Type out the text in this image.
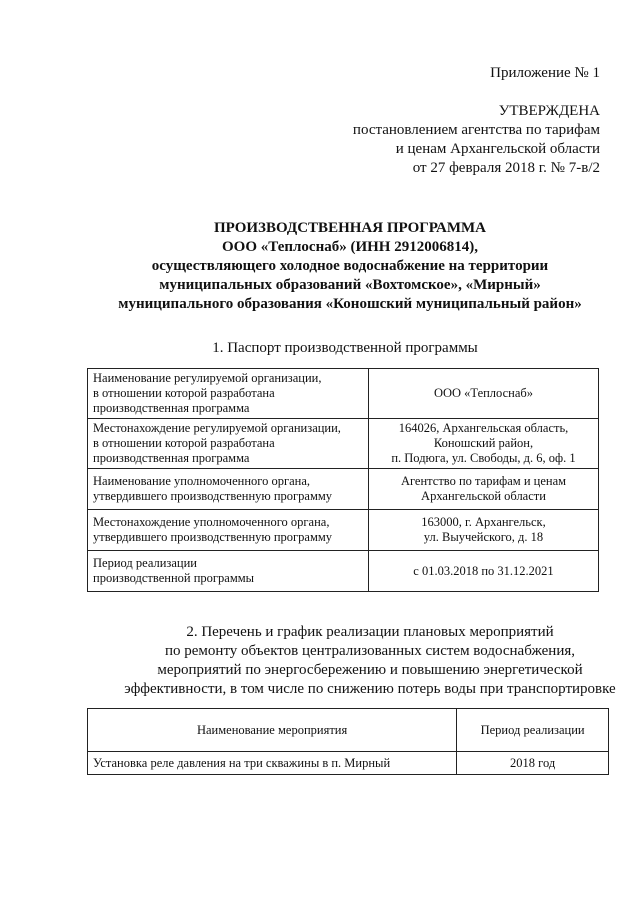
Приложение № 1
УТВЕРЖДЕНА
постановлением агентства по тарифам
и ценам Архангельской области
от 27 февраля 2018 г. № 7-в/2
ПРОИЗВОДСТВЕННАЯ ПРОГРАММА
ООО «Теплоснаб» (ИНН 2912006814),
осуществляющего холодное водоснабжение на территории
муниципальных образований «Вохтомское», «Мирный»
муниципального образования «Коношский муниципальный район»
1. Паспорт производственной программы
Наименование регулируемой организации,
в отношении которой разработана
производственная программа	ООО «Теплоснаб»

Местонахождение регулируемой организации,
в отношении которой разработана
производственная программа	164026, Архангельская область,
Коношский район,
п. Подюга, ул. Свободы, д. 6, оф. 1

Наименование уполномоченного органа,
утвердившего производственную программу	Агентство по тарифам и ценам
Архангельской области

Местонахождение уполномоченного органа,
утвердившего производственную программу	163000, г. Архангельск,
ул. Выучейского, д. 18

Период реализации
производственной программы	с 01.03.2018 по 31.12.2021
2. Перечень и график реализации плановых мероприятий
по ремонту объектов централизованных систем водоснабжения,
мероприятий по энергосбережению и повышению энергетической
эффективности, в том числе по снижению потерь воды при транспортировке
Наименование мероприятия	Период реализации
Установка реле давления на три скважины в п. Мирный	2018 год
